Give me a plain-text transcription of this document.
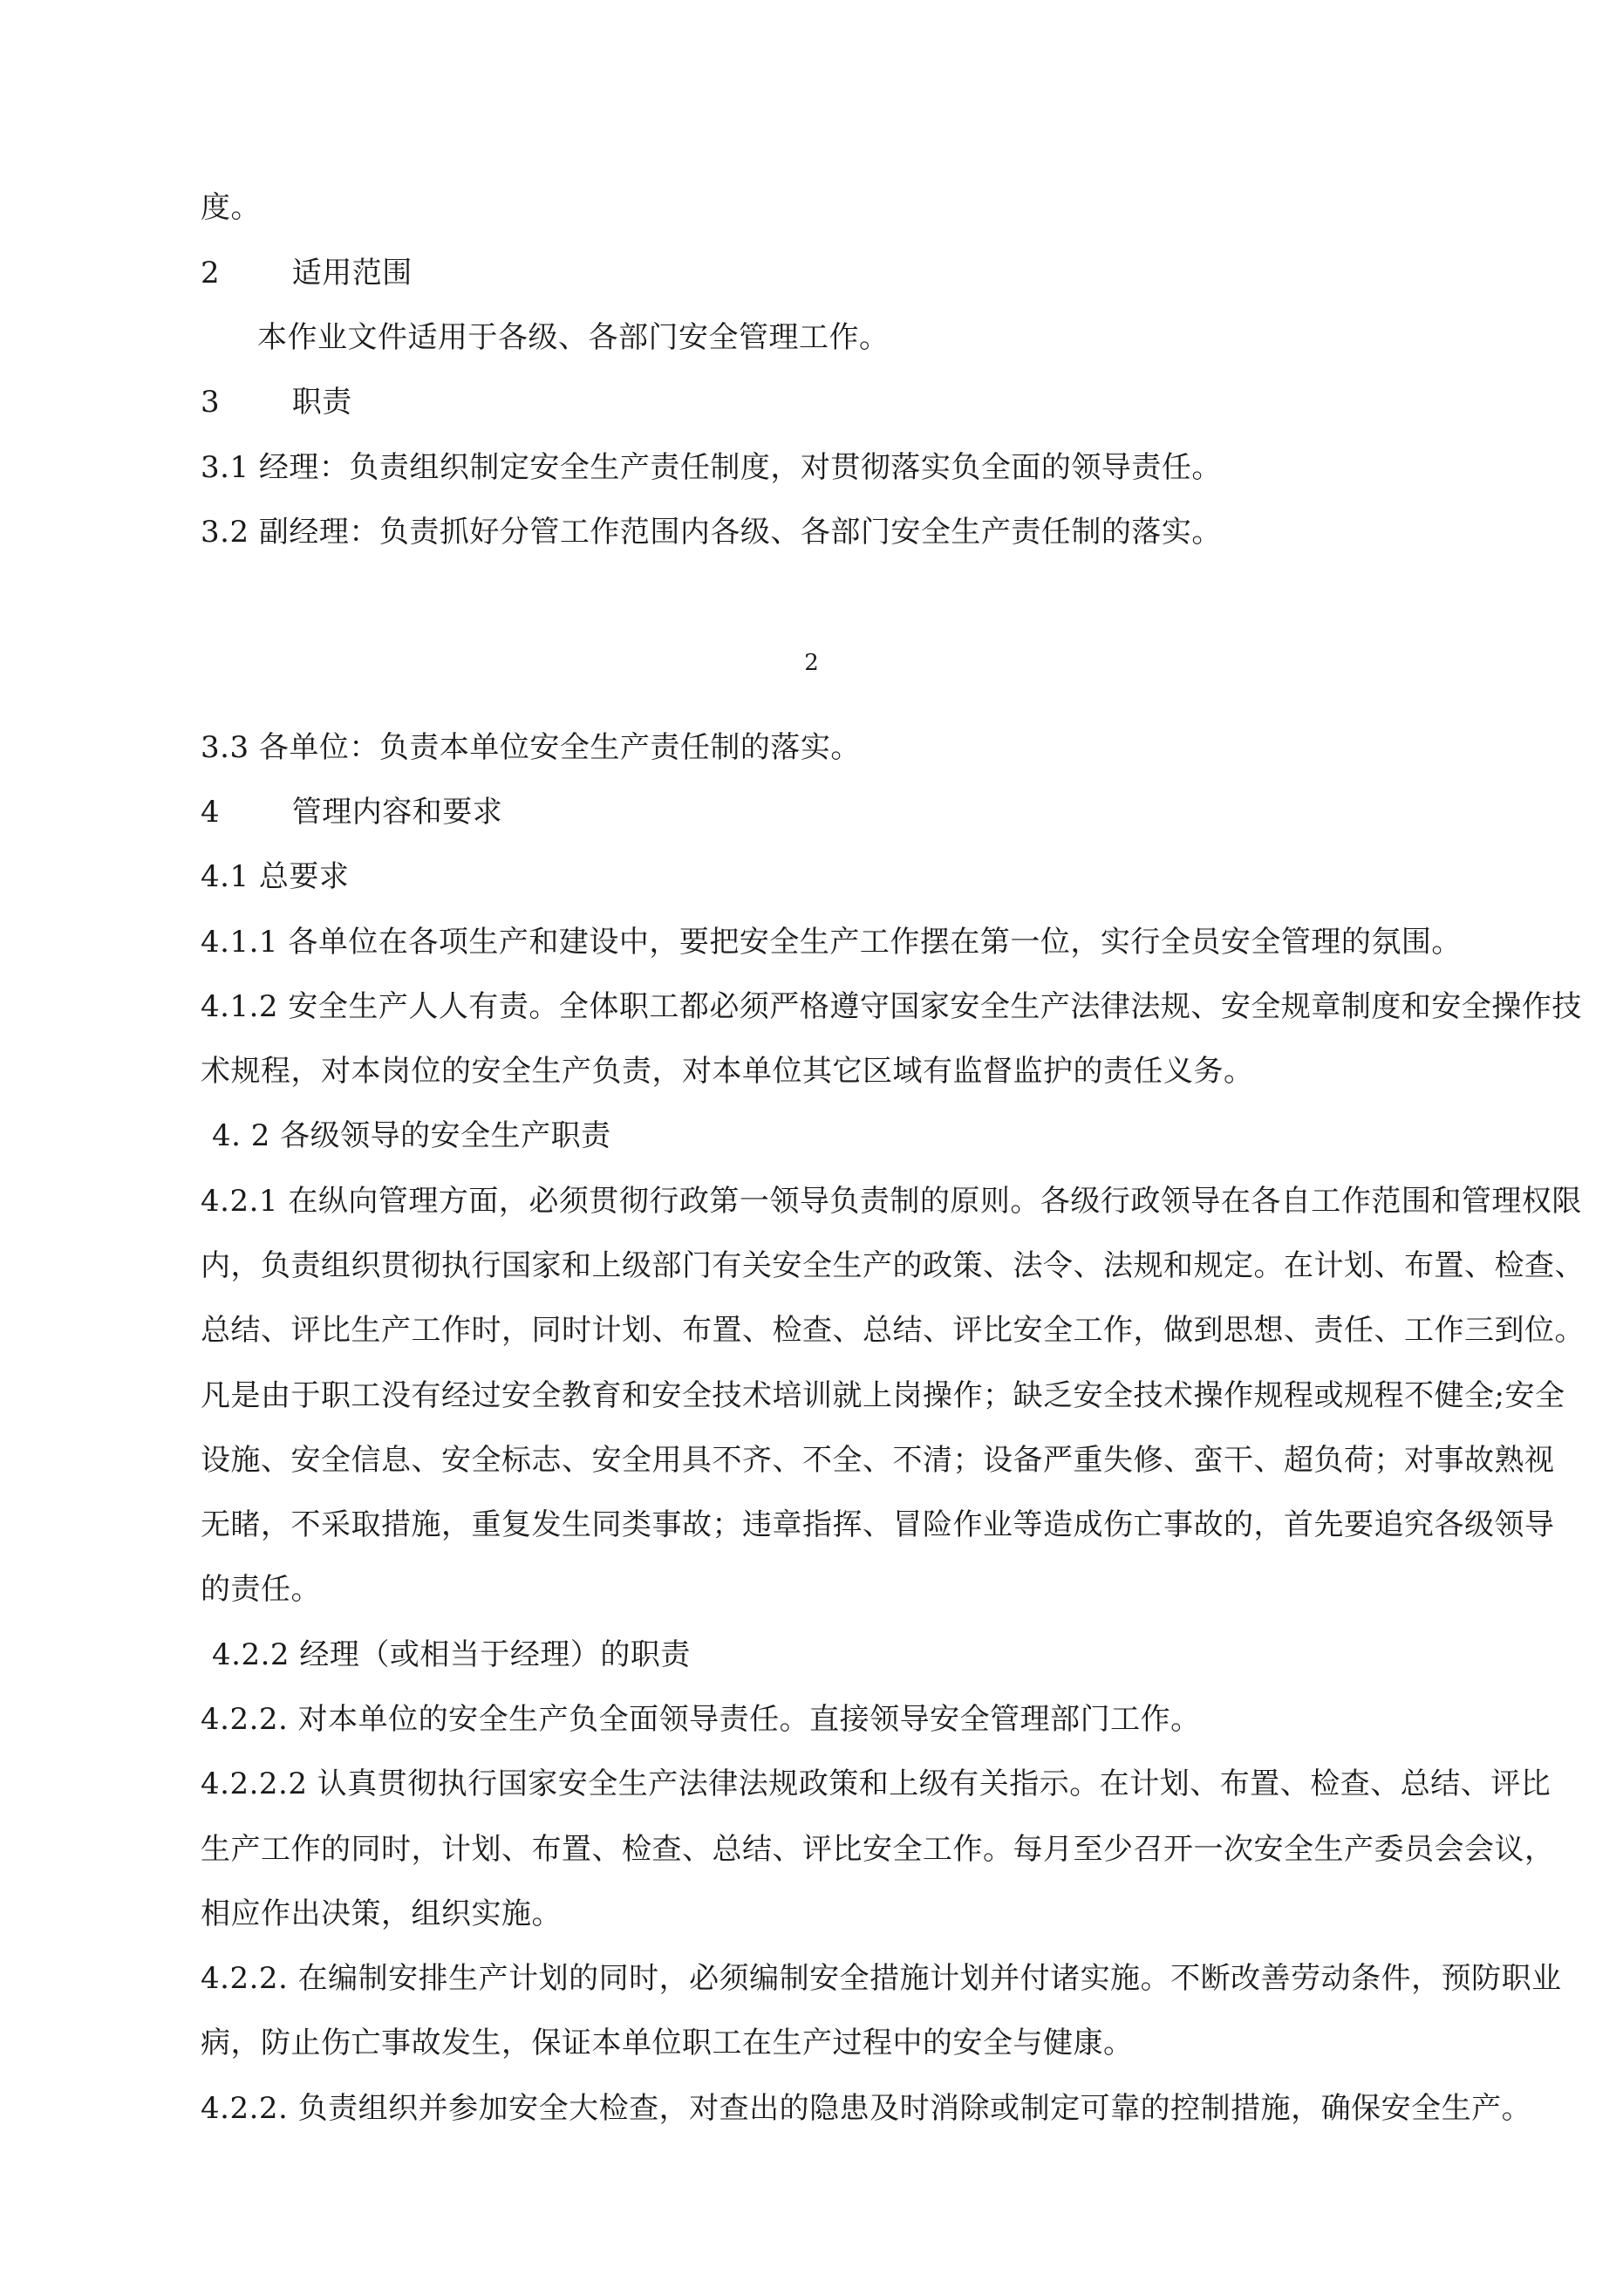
度。
2 适用范围
本作业文件适用于各级、各部门安全管理工作。
3 职责
3.1 经理：负责组织制定安全生产责任制度，对贯彻落实负全面的领导责任。
3.2 副经理：负责抓好分管工作范围内各级、各部门安全生产责任制的落实。
2
3.3 各单位：负责本单位安全生产责任制的落实。
4 管理内容和要求
4.1 总要求
4.1.1 各单位在各项生产和建设中，要把安全生产工作摆在第一位，实行全员安全管理的氛围。
4.1.2 安全生产人人有责。全体职工都必须严格遵守国家安全生产法律法规、安全规章制度和安全操作技
术规程，对本岗位的安全生产负责，对本单位其它区域有监督监护的责任义务。
4. 2 各级领导的安全生产职责
4.2.1 在纵向管理方面，必须贯彻行政第一领导负责制的原则。各级行政领导在各自工作范围和管理权限
内，负责组织贯彻执行国家和上级部门有关安全生产的政策、法令、法规和规定。在计划、布置、检查、
总结、评比生产工作时，同时计划、布置、检查、总结、评比安全工作，做到思想、责任、工作三到位。
凡是由于职工没有经过安全教育和安全技术培训就上岗操作；缺乏安全技术操作规程或规程不健全;安全
设施、安全信息、安全标志、安全用具不齐、不全、不清；设备严重失修、蛮干、超负荷；对事故熟视
无睹，不采取措施，重复发生同类事故；违章指挥、冒险作业等造成伤亡事故的，首先要追究各级领导
的责任。
4.2.2 经理（或相当于经理）的职责
4.2.2. 对本单位的安全生产负全面领导责任。直接领导安全管理部门工作。
4.2.2.2 认真贯彻执行国家安全生产法律法规政策和上级有关指示。在计划、布置、检查、总结、评比
生产工作的同时，计划、布置、检查、总结、评比安全工作。每月至少召开一次安全生产委员会会议，
相应作出决策，组织实施。
4.2.2. 在编制安排生产计划的同时，必须编制安全措施计划并付诸实施。不断改善劳动条件，预防职业
病，防止伤亡事故发生，保证本单位职工在生产过程中的安全与健康。
4.2.2. 负责组织并参加安全大检查，对查出的隐患及时消除或制定可靠的控制措施，确保安全生产。
